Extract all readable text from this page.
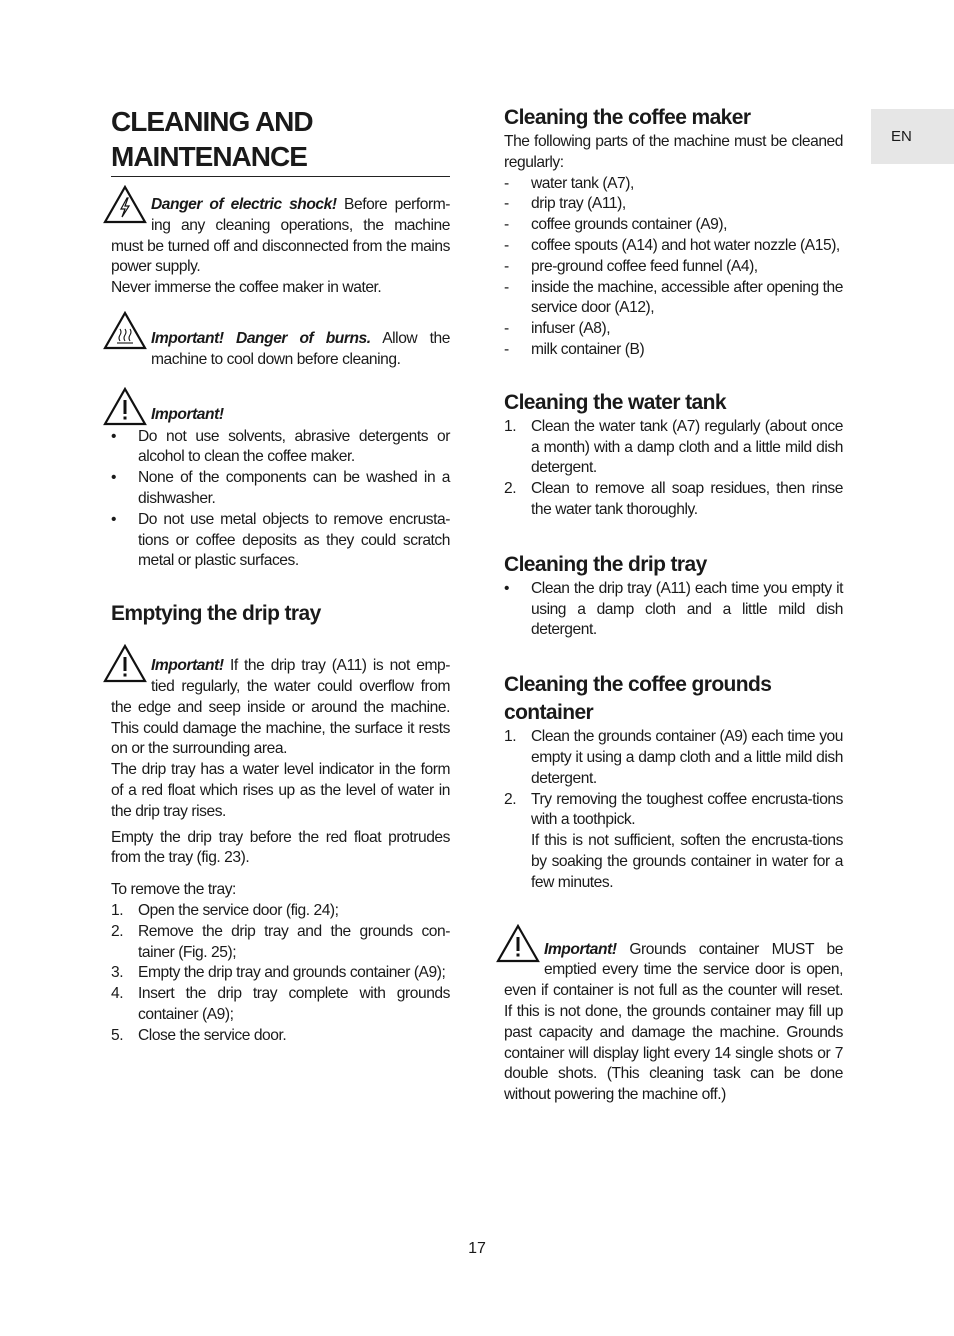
EN
CLEANING AND
MAINTENANCE

Danger of electric shock! Before perform-ing any cleaning operations, the machine must be turned off and disconnected from the mains power supply.

Never immerse the coffee maker in water.

Important! Danger of burns. Allow the machine to cool down before cleaning.

Important!

• Do not use solvents, abrasive detergents or alcohol to clean the coffee maker.
• None of the components can be washed in a dishwasher.
• Do not use metal objects to remove encrusta-tions or coffee deposits as they could scratch metal or plastic surfaces.
Emptying the drip tray

Important! If the drip tray (A11) is not emp-tied regularly, the water could overflow from the edge and seep inside or around the machine. This could damage the machine, the surface it rests on or the surrounding area.

The drip tray has a water level indicator in the form of a red float which rises up as the level of water in the drip tray rises.

Empty the drip tray before the red float protrudes from the tray (fig. 23).

To remove the tray:

1. Open the service door (fig. 24);
2. Remove the drip tray and the grounds con-tainer (Fig. 25);
3. Empty the drip tray and grounds container (A9);
4. Insert the drip tray complete with grounds container (A9);
5. Close the service door.
Cleaning the coffee maker

The following parts of the machine must be cleaned regularly:

- water tank (A7),
- drip tray (A11),
- coffee grounds container (A9),
- coffee spouts (A14) and hot water nozzle (A15),
- pre-ground coffee feed funnel (A4),
- inside the machine, accessible after opening the service door (A12),
- infuser (A8),
- milk container (B)
Cleaning the water tank
1. Clean the water tank (A7) regularly (about once a month) with a damp cloth and a little mild dish detergent.
2. Clean to remove all soap residues, then rinse the water tank thoroughly.
Cleaning the drip tray
• Clean the drip tray (A11) each time you empty it using a damp cloth and a little mild dish detergent.
Cleaning the coffee grounds
container
1. Clean the grounds container (A9) each time you empty it using a damp cloth and a little mild dish detergent.
2. Try removing the toughest coffee encrusta-tions with a toothpick.
If this is not sufficient, soften the encrusta-tions by soaking the grounds container in water for a few minutes.

Important! Grounds container MUST be emptied every time the service door is open, even if container is not full as the counter will reset. If this is not done, the grounds container may fill up past capacity and damage the machine. Grounds container will display light every 14 single shots or 7 double shots. (This cleaning task can be done without powering the machine off.)

17
